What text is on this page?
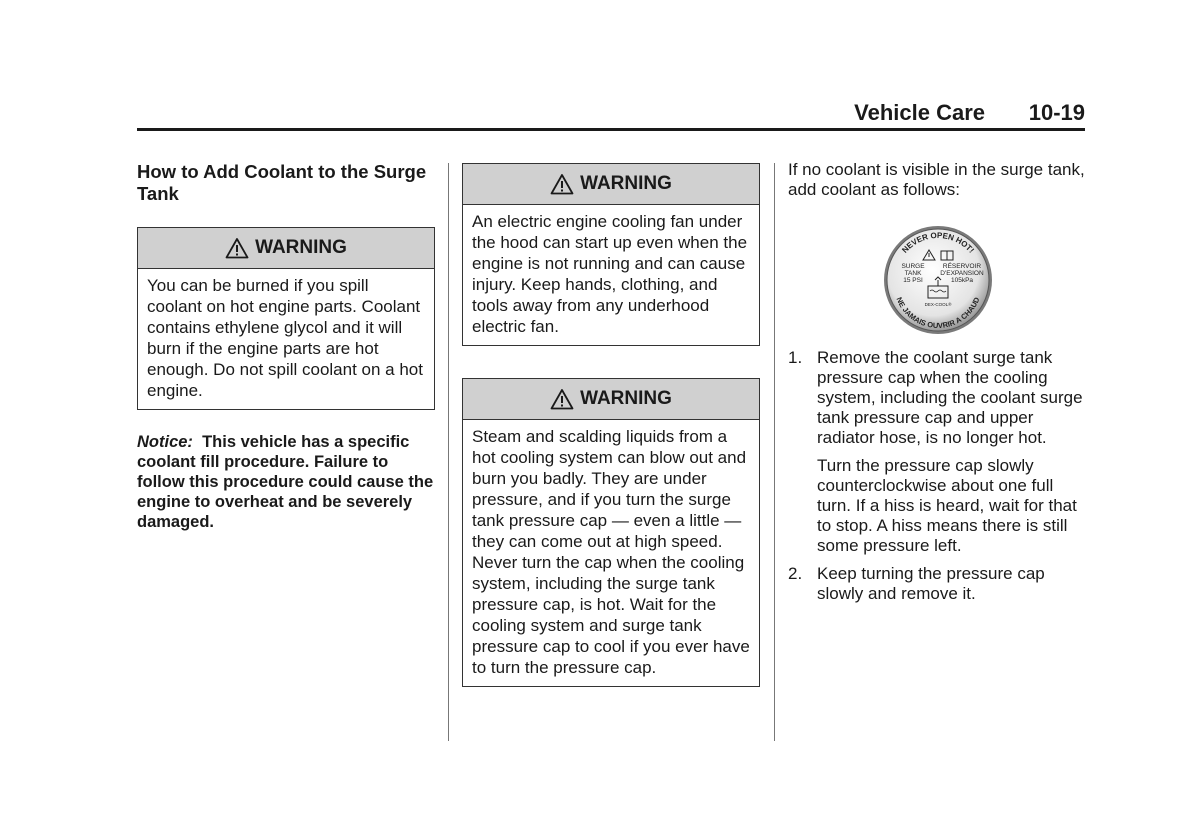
Vehicle Care 10-19
How to Add Coolant to the Surge Tank
WARNING
You can be burned if you spill coolant on hot engine parts. Coolant contains ethylene glycol and it will burn if the engine parts are hot enough. Do not spill coolant on a hot engine.
Notice: This vehicle has a specific coolant fill procedure. Failure to follow this procedure could cause the engine to overheat and be severely damaged.
WARNING
An electric engine cooling fan under the hood can start up even when the engine is not running and can cause injury. Keep hands, clothing, and tools away from any underhood electric fan.
WARNING
Steam and scalding liquids from a hot cooling system can blow out and burn you badly. They are under pressure, and if you turn the surge tank pressure cap — even a little — they can come out at high speed. Never turn the cap when the cooling system, including the surge tank pressure cap, is hot. Wait for the cooling system and surge tank pressure cap to cool if you ever have to turn the pressure cap.
If no coolant is visible in the surge tank, add coolant as follows:
NEVER OPEN HOT!
NE JAMAIS OUVRIR A CHAUD
SURGE
TANK
15 PSI
RÉSERVOIR
D'EXPANSION
105kPa
DEX-COOL®
1. Remove the coolant surge tank pressure cap when the cooling system, including the coolant surge tank pressure cap and upper radiator hose, is no longer hot.

Turn the pressure cap slowly counterclockwise about one full turn. If a hiss is heard, wait for that to stop. A hiss means there is still some pressure left.

2. Keep turning the pressure cap slowly and remove it.
